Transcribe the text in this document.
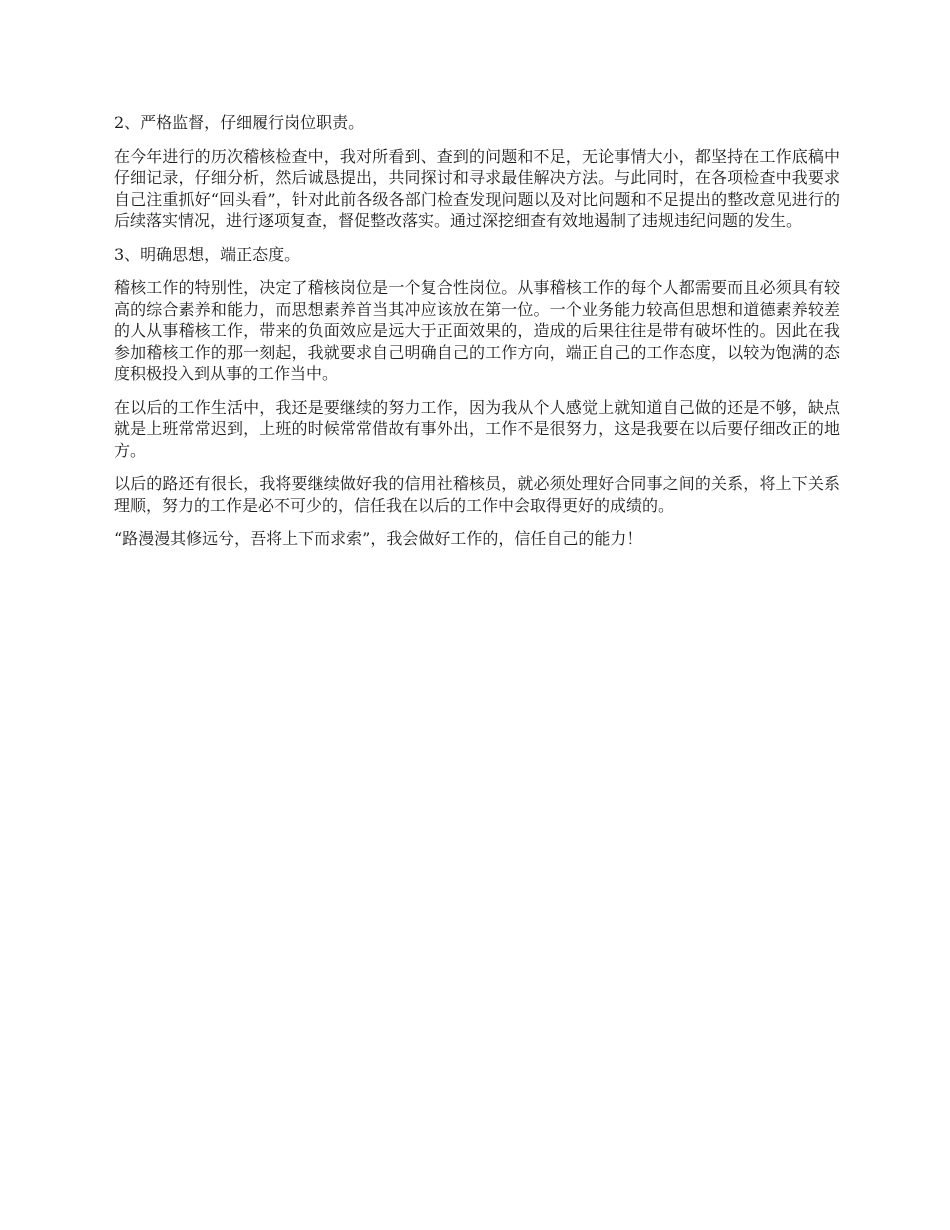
2、严格监督，仔细履行岗位职责。

在今年进行的历次稽核检查中，我对所看到、查到的问题和不足，无论事情大小，都坚持在工作底稿中仔细记录，仔细分析，然后诚恳提出，共同探讨和寻求最佳解决方法。与此同时，在各项检查中我要求自己注重抓好“回头看”，针对此前各级各部门检查发现问题以及对比问题和不足提出的整改意见进行的后续落实情况，进行逐项复查，督促整改落实。通过深挖细查有效地遏制了违规违纪问题的发生。

3、明确思想，端正态度。

稽核工作的特别性，决定了稽核岗位是一个复合性岗位。从事稽核工作的每个人都需要而且必须具有较高的综合素养和能力，而思想素养首当其冲应该放在第一位。一个业务能力较高但思想和道德素养较差的人从事稽核工作，带来的负面效应是远大于正面效果的，造成的后果往往是带有破坏性的。因此在我参加稽核工作的那一刻起，我就要求自己明确自己的工作方向，端正自己的工作态度，以较为饱满的态度积极投入到从事的工作当中。

在以后的工作生活中，我还是要继续的努力工作，因为我从个人感觉上就知道自己做的还是不够，缺点就是上班常常迟到，上班的时候常常借故有事外出，工作不是很努力，这是我要在以后要仔细改正的地方。

以后的路还有很长，我将要继续做好我的信用社稽核员，就必须处理好合同事之间的关系，将上下关系理顺，努力的工作是必不可少的，信任我在以后的工作中会取得更好的成绩的。

“路漫漫其修远兮，吾将上下而求索”，我会做好工作的，信任自己的能力！
